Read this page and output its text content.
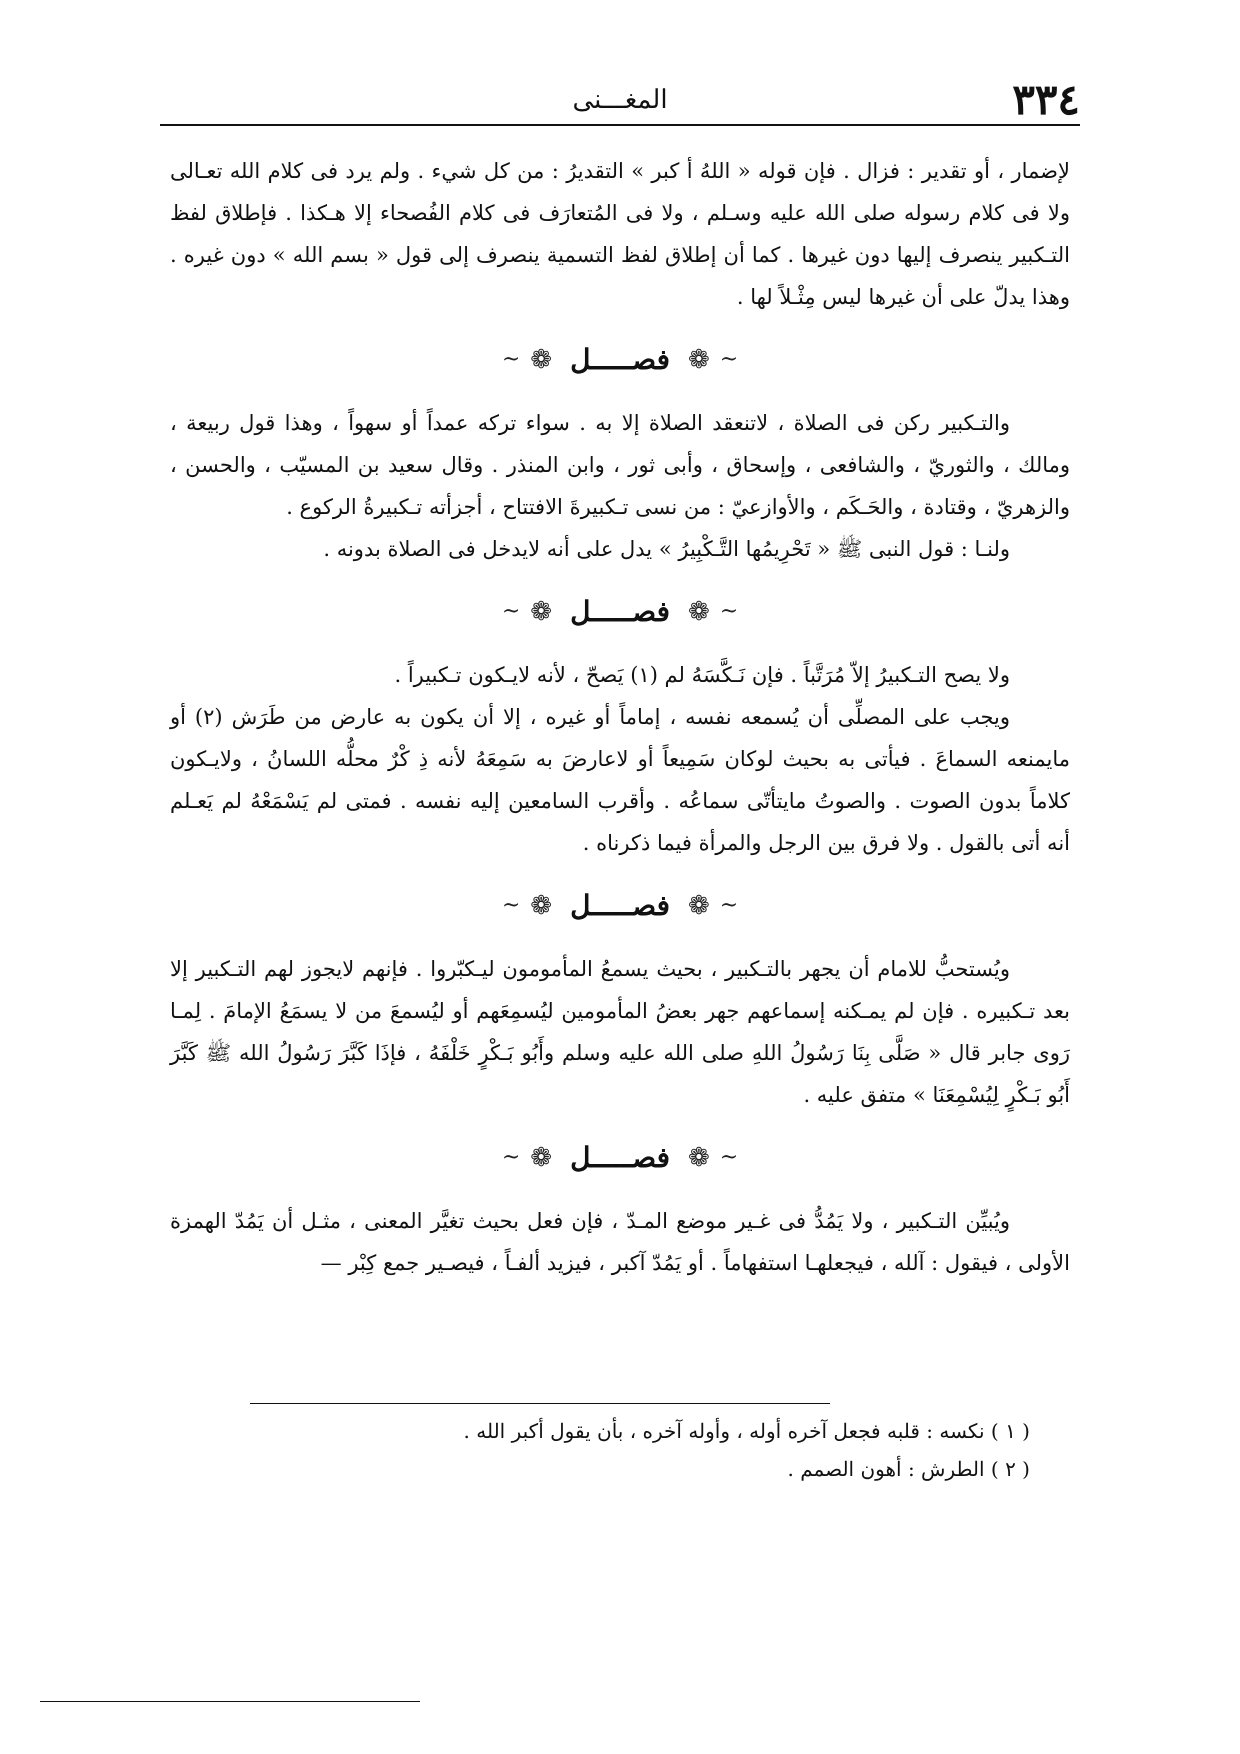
٣٣٤
المغـــنى

لإضمار ، أو تقدير : فزال . فإن قوله « اللهُ أ كبر » التقديرُ : من كل شيء . ولم يرد فى كلام الله تعـالى ولا فى كلام رسوله صلى الله عليه وسـلم ، ولا فى المُتعارَف فى كلام الفُصحاء إلا هـكذا . فإطلاق لفظ التـكبير ينصرف إليها دون غيرها . كما أن إطلاق لفظ التسمية ينصرف إلى قول « بسم الله » دون غيره . وهذا يدلّ على أن غيرها ليس مِثْـلاً لها .

~
❁
فصـــــل
❁
~

والتـكبير ركن فى الصلاة ، لاتنعقد الصلاة إلا به . سواء تركه عمداً أو سهواً ، وهذا قول ربيعة ، ومالك ، والثوريّ ، والشافعى ، وإسحاق ، وأبى ثور ، وابن المنذر . وقال سعيد بن المسيّب ، والحسن ، والزهريّ ، وقتادة ، والحَـكَم ، والأوازعيّ : من نسى تـكبيرةَ الافتتاح ، أجزأته تـكبيرةُ الركوع .

ولنـا : قول النبى ﷺ « تَحْرِيمُها التَّـكْبِيرُ » يدل على أنه لايدخل فى الصلاة بدونه .

~
❁
فصـــــل
❁
~

ولا يصح التـكبيرُ إلاّ مُرَتَّباً . فإن نَـكَّسَهُ لم (١) يَصحّ ، لأنه لايـكون تـكبيراً .

ويجب على المصلِّى أن يُسمعه نفسه ، إماماً أو غيره ، إلا أن يكون به عارض من طَرَش (٢) أو مايمنعه السماعَ . فيأتى به بحيث لوكان سَمِيعاً أو لاعارضَ به سَمِعَهُ لأنه ذِ كْرٌ محلُّه اللسانُ ، ولايـكون كلاماً بدون الصوت . والصوتُ مايتأتّى سماعُه . وأقرب السامعين إليه نفسه . فمتى لم يَسْمَعْهُ لم يَعـلم أنه أتى بالقول . ولا فرق بين الرجل والمرأة فيما ذكرناه .

~
❁
فصـــــل
❁
~

ويُستحبُّ للامام أن يجهر بالتـكبير ، بحيث يسمعُ المأمومون ليـكبّروا . فإنهم لايجوز لهم التـكبير إلا بعد تـكبيره . فإن لم يمـكنه إسماعهم جهر بعضُ المأمومين ليُسمِعَهم أو ليُسمعَ من لا يسمَعُ الإمامَ . لِمـا رَوى جابر قال « صَلَّى بِنَا رَسُولُ اللهِ صلى الله عليه وسلم وأَبُو بَـكْرٍ خَلْفَهُ ، فإذَا كَبَّرَ رَسُولُ الله ﷺ كَبَّرَ أَبُو بَـكْرٍ لِيُسْمِعَنَا » متفق عليه .

~
❁
فصـــــل
❁
~

ويُبيِّن التـكبير ، ولا يَمُدُّ فى غـير موضع المـدّ ، فإن فعل بحيث تغيَّر المعنى ، مثـل أن يَمُدّ الهمزة الأولى ، فيقول : آلله ، فيجعلهـا استفهاماً . أو يَمُدّ آكبر ، فيزيد ألفـاً ، فيصـير جمع كِبْر —

( ١ ) نكسه : قلبه فجعل آخره أوله ، وأوله آخره ، بأن يقول أكبر الله .

( ٢ ) الطرش : أهون الصمم .
